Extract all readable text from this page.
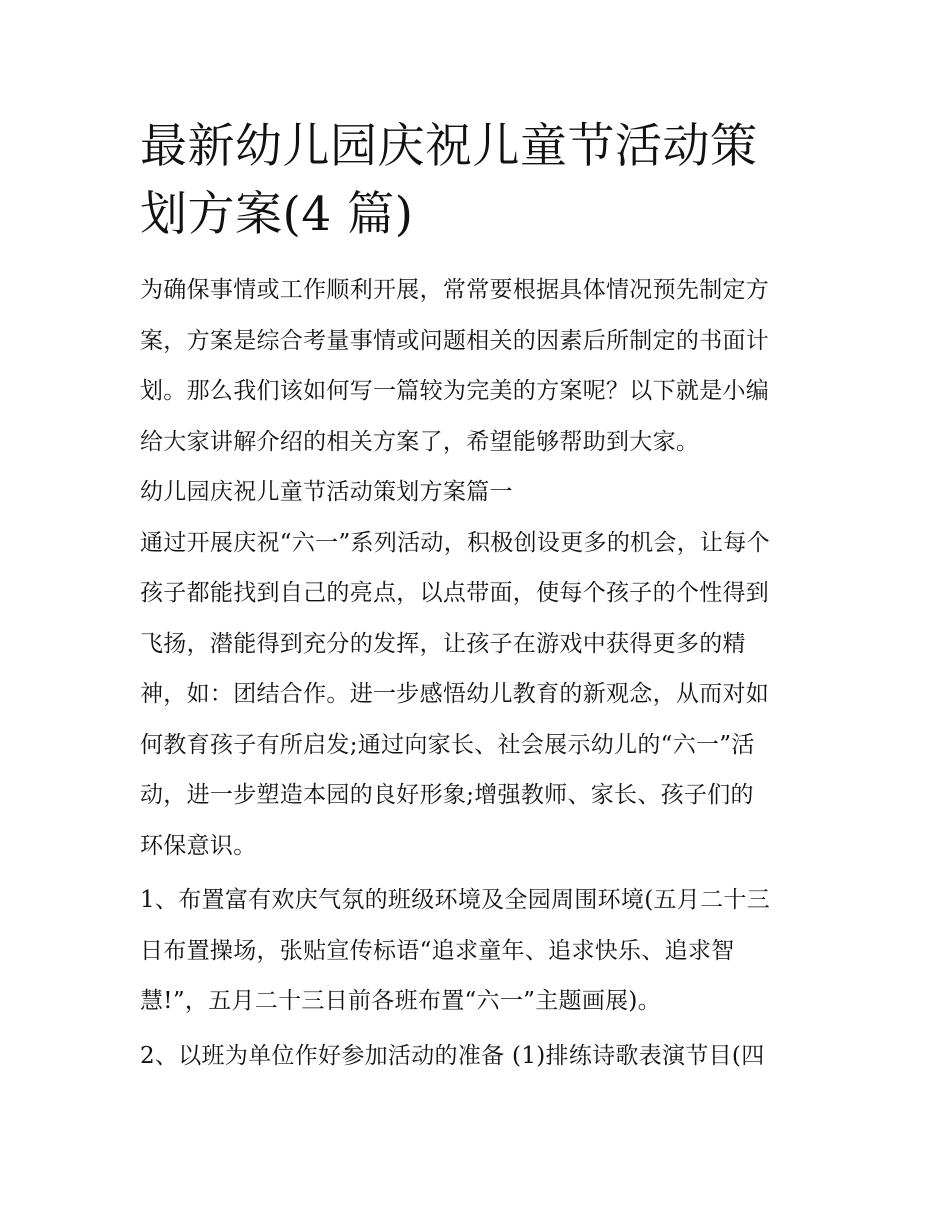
最新幼儿园庆祝儿童节活动策
划方案(4 篇)

为确保事情或工作顺利开展，常常要根据具体情况预先制定方
案，方案是综合考量事情或问题相关的因素后所制定的书面计
划。那么我们该如何写一篇较为完美的方案呢？以下就是小编
给大家讲解介绍的相关方案了，希望能够帮助到大家。

幼儿园庆祝儿童节活动策划方案篇一

通过开展庆祝“六一”系列活动，积极创设更多的机会，让每个
孩子都能找到自己的亮点，以点带面，使每个孩子的个性得到
飞扬，潜能得到充分的发挥，让孩子在游戏中获得更多的精
神，如：团结合作。进一步感悟幼儿教育的新观念，从而对如
何教育孩子有所启发;通过向家长、社会展示幼儿的“六一”活
动，进一步塑造本园的良好形象;增强教师、家长、孩子们的
环保意识。

1、布置富有欢庆气氛的班级环境及全园周围环境(五月二十三
日布置操场，张贴宣传标语“追求童年、追求快乐、追求智
慧!”，五月二十三日前各班布置“六一”主题画展)。

2、以班为单位作好参加活动的准备 (1)排练诗歌表演节目(四
